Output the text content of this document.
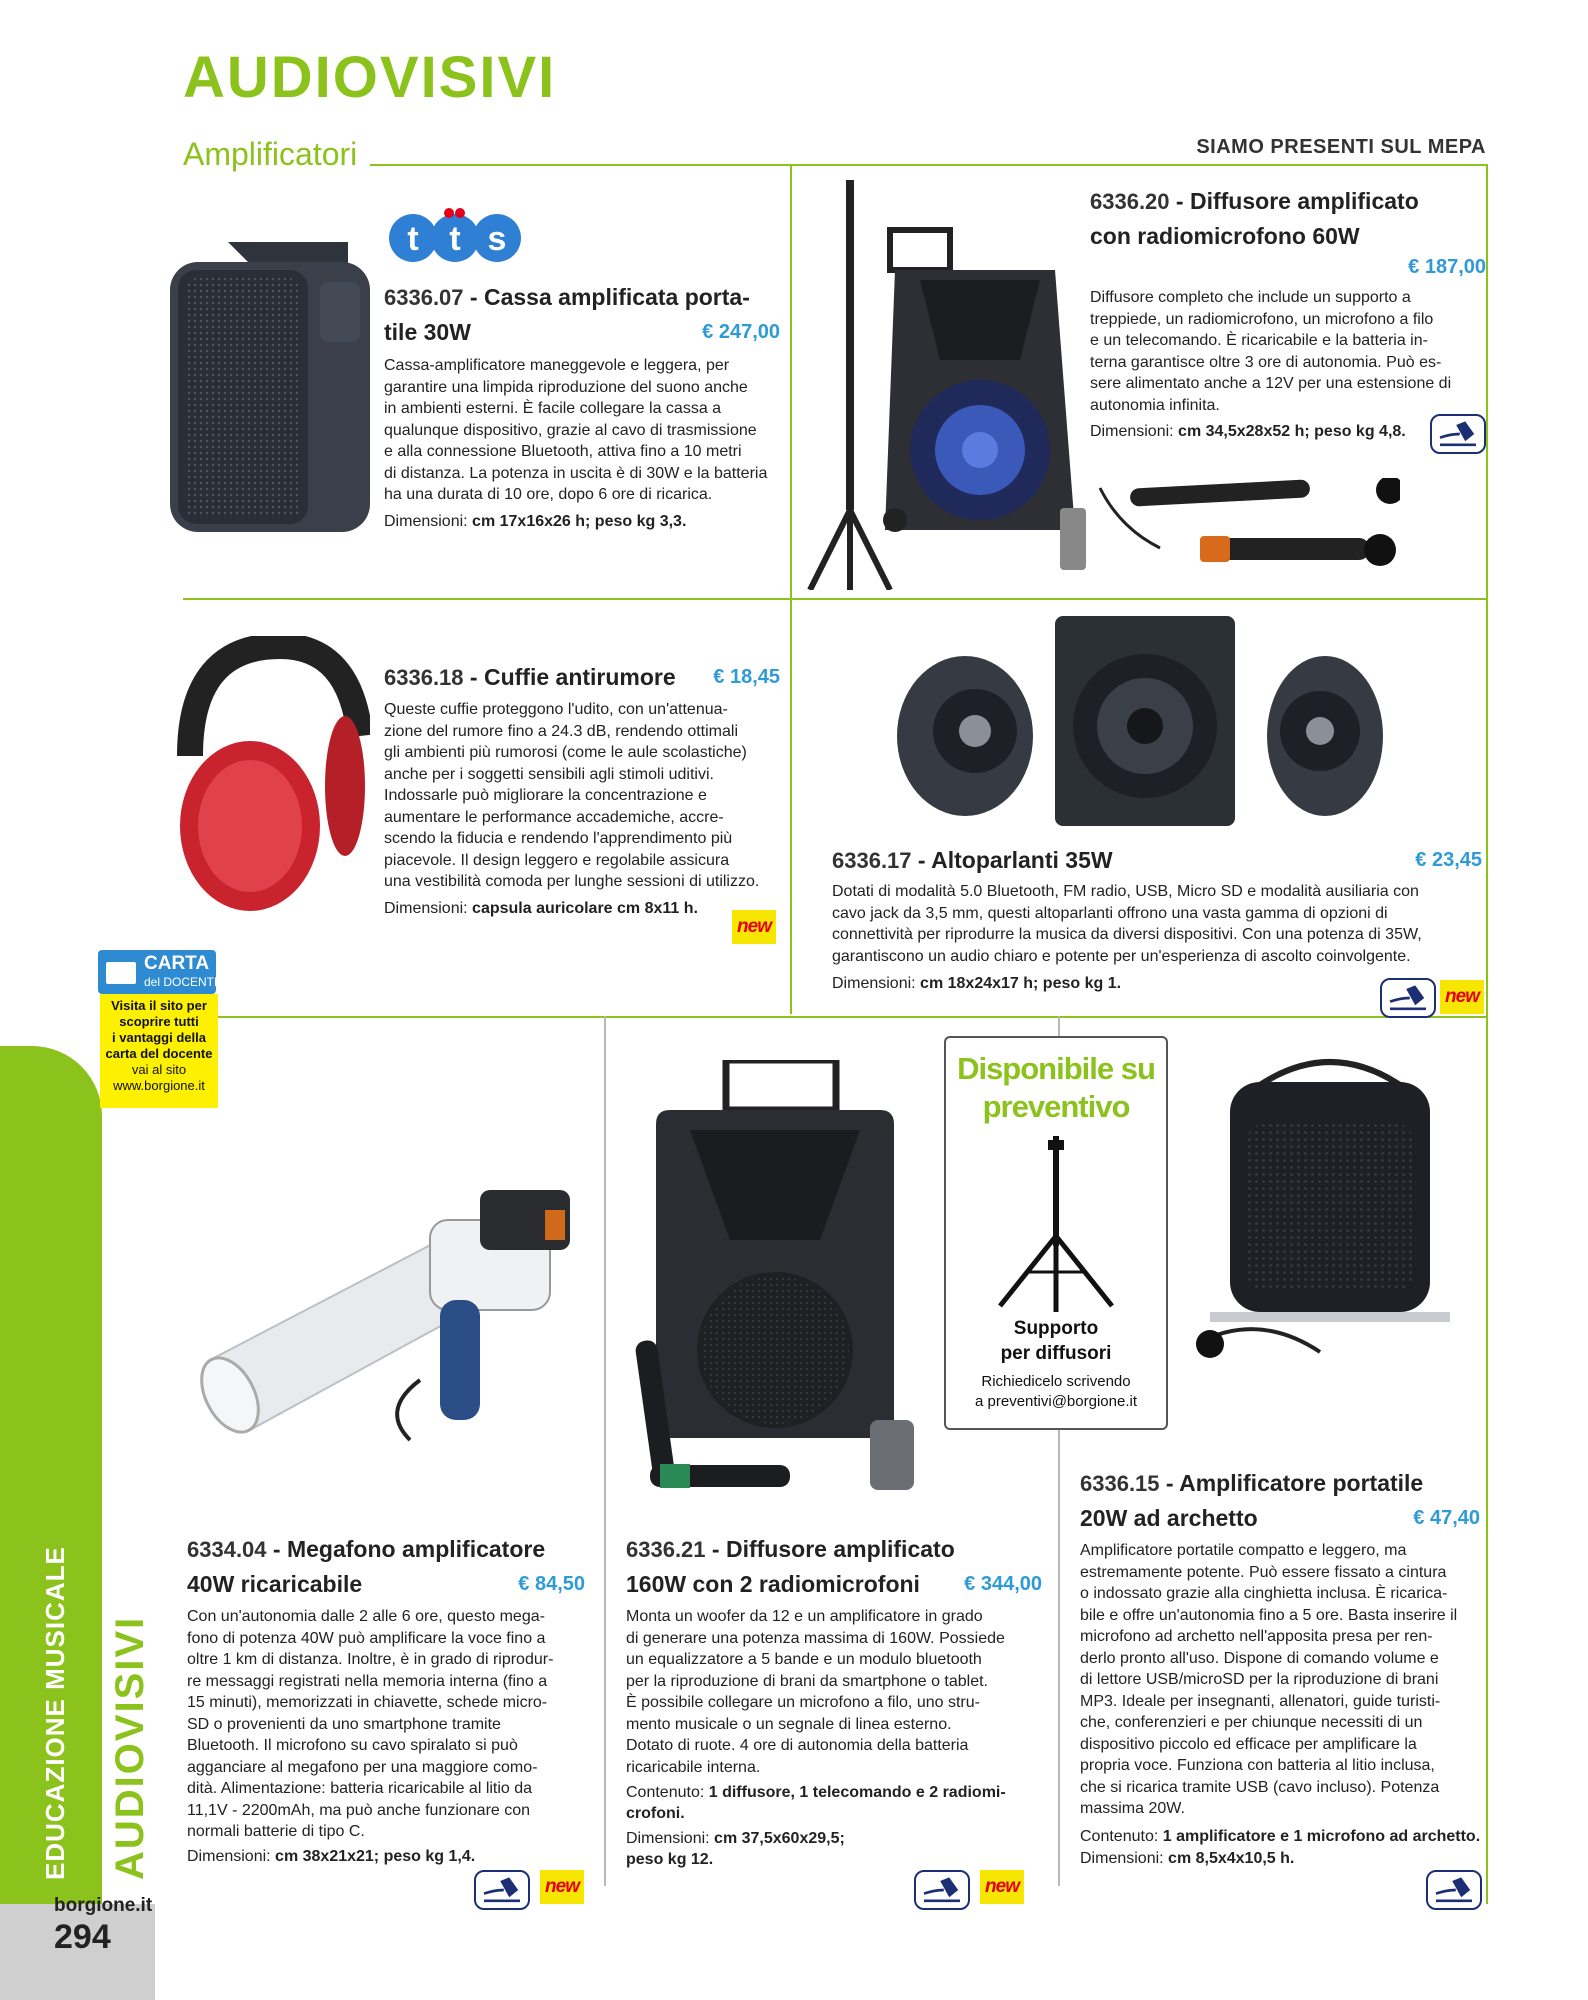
AUDIOVISIVI
Amplificatori	SIAMO PRESENTI SUL MEPA
EDUCAZIONE MUSICALE AUDIOVISIVI
borgione.it
294
CARTA
del DOCENTE
Visita il sito per
scoprire tutti
i vantaggi della
carta del docente
vai al sito
www.borgione.it
t t s
6336.07 - Cassa amplificata porta-
tile 30W	€ 247,00
Cassa-amplificatore maneggevole e leggera, per
garantire una limpida riproduzione del suono anche
in ambienti esterni. È facile collegare la cassa a
qualunque dispositivo, grazie al cavo di trasmissione
e alla connessione Bluetooth, attiva fino a 10 metri
di distanza. La potenza in uscita è di 30W e la batteria
ha una durata di 10 ore, dopo 6 ore di ricarica.
Dimensioni: cm 17x16x26 h; peso kg 3,3.
6336.20 - Diffusore amplificato
con radiomicrofono 60W
€ 187,00
Diffusore completo che include un supporto a
treppiede, un radiomicrofono, un microfono a filo
e un telecomando. È ricaricabile e la batteria in-
terna garantisce oltre 3 ore di autonomia. Può es-
sere alimentato anche a 12V per una estensione di
autonomia infinita.
Dimensioni: cm 34,5x28x52 h; peso kg 4,8.
6336.18 - Cuffie antirumore € 18,45
Queste cuffie proteggono l'udito, con un'attenua-
zione del rumore fino a 24.3 dB, rendendo ottimali
gli ambienti più rumorosi (come le aule scolastiche)
anche per i soggetti sensibili agli stimoli uditivi.
Indossarle può migliorare la concentrazione e
aumentare le performance accademiche, accre-
scendo la fiducia e rendendo l'apprendimento più
piacevole. Il design leggero e regolabile assicura
una vestibilità comoda per lunghe sessioni di utilizzo.
Dimensioni: capsula auricolare cm 8x11 h.
new
6336.17 - Altoparlanti 35W	€ 23,45
Dotati di modalità 5.0 Bluetooth, FM radio, USB, Micro SD e modalità ausiliaria con
cavo jack da 3,5 mm, questi altoparlanti offrono una vasta gamma di opzioni di
connettività per riprodurre la musica da diversi dispositivi. Con una potenza di 35W,
garantiscono un audio chiaro e potente per un'esperienza di ascolto coinvolgente.
Dimensioni: cm 18x24x17 h; peso kg 1.
new
Disponibile su
preventivo
Supporto
per diffusori
Richiedicelo scrivendo
a preventivi@borgione.it
6334.04 - Megafono amplificatore
40W ricaricabile	€ 84,50
Con un'autonomia dalle 2 alle 6 ore, questo mega-
fono di potenza 40W può amplificare la voce fino a
oltre 1 km di distanza. Inoltre, è in grado di riprodur-
re messaggi registrati nella memoria interna (fino a
15 minuti), memorizzati in chiavette, schede micro-
SD o provenienti da uno smartphone tramite
Bluetooth. Il microfono su cavo spiralato si può
agganciare al megafono per una maggiore como-
dità. Alimentazione: batteria ricaricabile al litio da
11,1V - 2200mAh, ma può anche funzionare con
normali batterie di tipo C.
Dimensioni: cm 38x21x21; peso kg 1,4.
new
6336.21 - Diffusore amplificato
160W con 2 radiomicrofoni € 344,00
Monta un woofer da 12 e un amplificatore in grado
di generare una potenza massima di 160W. Possiede
un equalizzatore a 5 bande e un modulo bluetooth
per la riproduzione di brani da smartphone o tablet.
È possibile collegare un microfono a filo, uno stru-
mento musicale o un segnale di linea esterno.
Dotato di ruote. 4 ore di autonomia della batteria
ricaricabile interna.
Contenuto: 1 diffusore, 1 telecomando e 2 radiomi-
crofoni.
Dimensioni: cm 37,5x60x29,5;
peso kg 12.
new
6336.15 - Amplificatore portatile
20W ad archetto	€ 47,40
Amplificatore portatile compatto e leggero, ma
estremamente potente. Può essere fissato a cintura
o indossato grazie alla cinghietta inclusa. È ricarica-
bile e offre un'autonomia fino a 5 ore. Basta inserire il
microfono ad archetto nell'apposita presa per ren-
derlo pronto all'uso. Dispone di comando volume e
di lettore USB/microSD per la riproduzione di brani
MP3. Ideale per insegnanti, allenatori, guide turisti-
che, conferenzieri e per chiunque necessiti di un
dispositivo piccolo ed efficace per amplificare la
propria voce. Funziona con batteria al litio inclusa,
che si ricarica tramite USB (cavo incluso). Potenza
massima 20W.
Contenuto: 1 amplificatore e 1 microfono ad archetto.
Dimensioni: cm 8,5x4x10,5 h.
